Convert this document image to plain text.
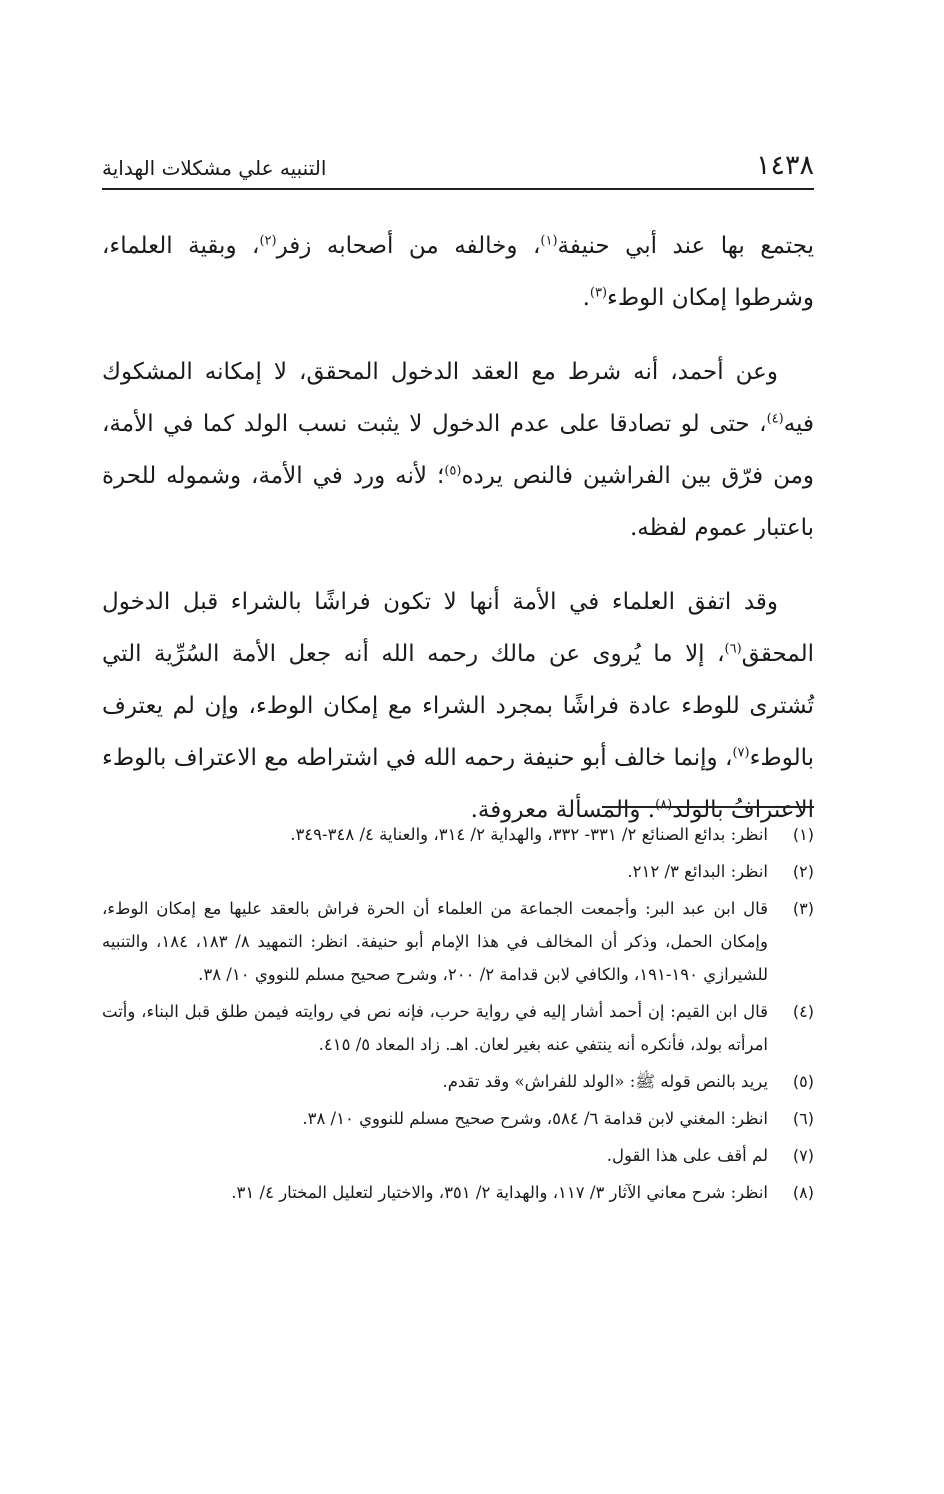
١٤٣٨
التنبيه علي مشكلات الهداية

يجتمع بها عند أبي حنيفة$^{(١)}$، وخالفه من أصحابه زفر$^{(٢)}$، وبقية العلماء، وشرطوا إمكان الوطء$^{(٣)}$.

وعن أحمد، أنه شرط مع العقد الدخول المحقق، لا إمكانه المشكوك فيه$^{(٤)}$، حتى لو تصادقا على عدم الدخول لا يثبت نسب الولد كما في الأمة، ومن فرّق بين الفراشين فالنص يرده$^{(٥)}$؛ لأنه ورد في الأمة، وشموله للحرة باعتبار عموم لفظه.

وقد اتفق العلماء في الأمة أنها لا تكون فراشًا بالشراء قبل الدخول المحقق$^{(٦)}$، إلا ما يُروى عن مالك رحمه الله أنه جعل الأمة السُرِّية التي تُشترى للوطء عادة فراشًا بمجرد الشراء مع إمكان الوطء، وإن لم يعترف بالوطء$^{(٧)}$، وإنما خالف أبو حنيفة رحمه الله في اشتراطه مع الاعتراف بالوطء الاعترافُ بالولد$^{(٨)}$. والمسألة معروفة.

(١)
انظر: بدائع الصنائع ٢/ ٣٣١- ٣٣٢، والهداية ٢/ ٣١٤، والعناية ٤/ ٣٤٨-٣٤٩.
(٢)
انظر: البدائع ٣/ ٢١٢.
(٣)
قال ابن عبد البر: وأجمعت الجماعة من العلماء أن الحرة فراش بالعقد عليها مع إمكان الوطء، وإمكان الحمل، وذكر أن المخالف في هذا الإمام أبو حنيفة. انظر: التمهيد ٨/ ١٨٣، ١٨٤، والتنبيه للشيرازي ١٩٠-١٩١، والكافي لابن قدامة ٢/ ٢٠٠، وشرح صحيح مسلم للنووي ١٠/ ٣٨.
(٤)
قال ابن القيم: إن أحمد أشار إليه في رواية حرب، فإنه نص في روايته فيمن طلق قبل البناء، وأتت امرأته بولد، فأنكره أنه ينتفي عنه بغير لعان. اهـ. زاد المعاد ٥/ ٤١٥.
(٥)
يريد بالنص قوله ﷺ: «الولد للفراش» وقد تقدم.
(٦)
انظر: المغني لابن قدامة ٦/ ٥٨٤، وشرح صحيح مسلم للنووي ١٠/ ٣٨.
(٧)
لم أقف على هذا القول.
(٨)
انظر: شرح معاني الآثار ٣/ ١١٧، والهداية ٢/ ٣٥١، والاختيار لتعليل المختار ٤/ ٣١.
